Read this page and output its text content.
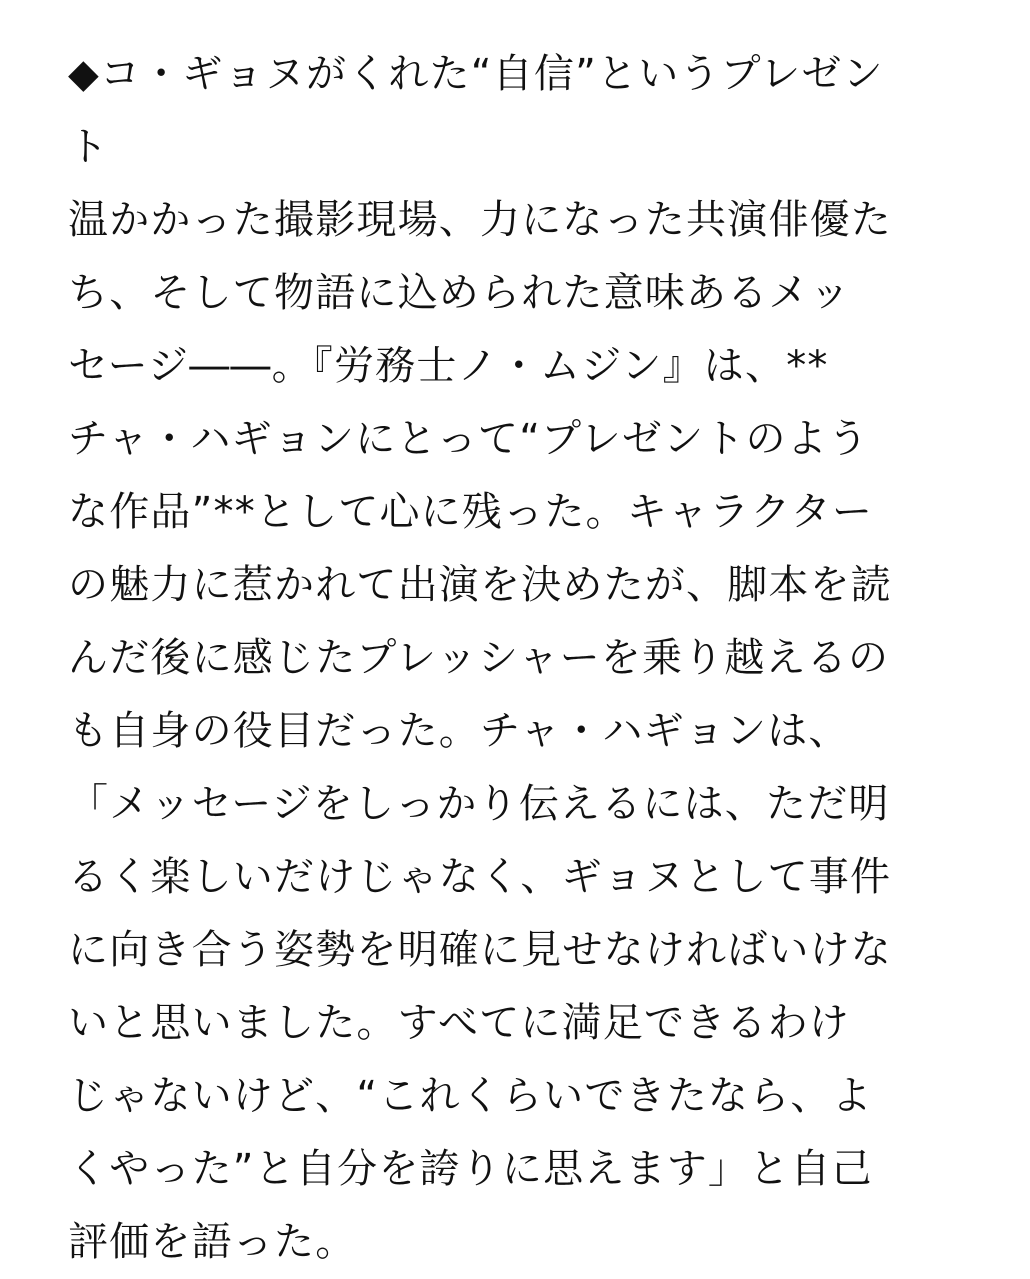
◆コ・ギョヌがくれた“自信”というプレゼン
ト
温かかった撮影現場、力になった共演俳優た
ち、そして物語に込められた意味あるメッ
セージ――。『労務士ノ・ムジン』は、**
チャ・ハギョンにとって“プレゼントのよう
な作品”**として心に残った。キャラクター
の魅力に惹かれて出演を決めたが、脚本を読
んだ後に感じたプレッシャーを乗り越えるの
も自身の役目だった。チャ・ハギョンは、
「メッセージをしっかり伝えるには、ただ明
るく楽しいだけじゃなく、ギョヌとして事件
に向き合う姿勢を明確に見せなければいけな
いと思いました。すべてに満足できるわけ
じゃないけど、“これくらいできたなら、よ
くやった”と自分を誇りに思えます」と自己
評価を語った。
